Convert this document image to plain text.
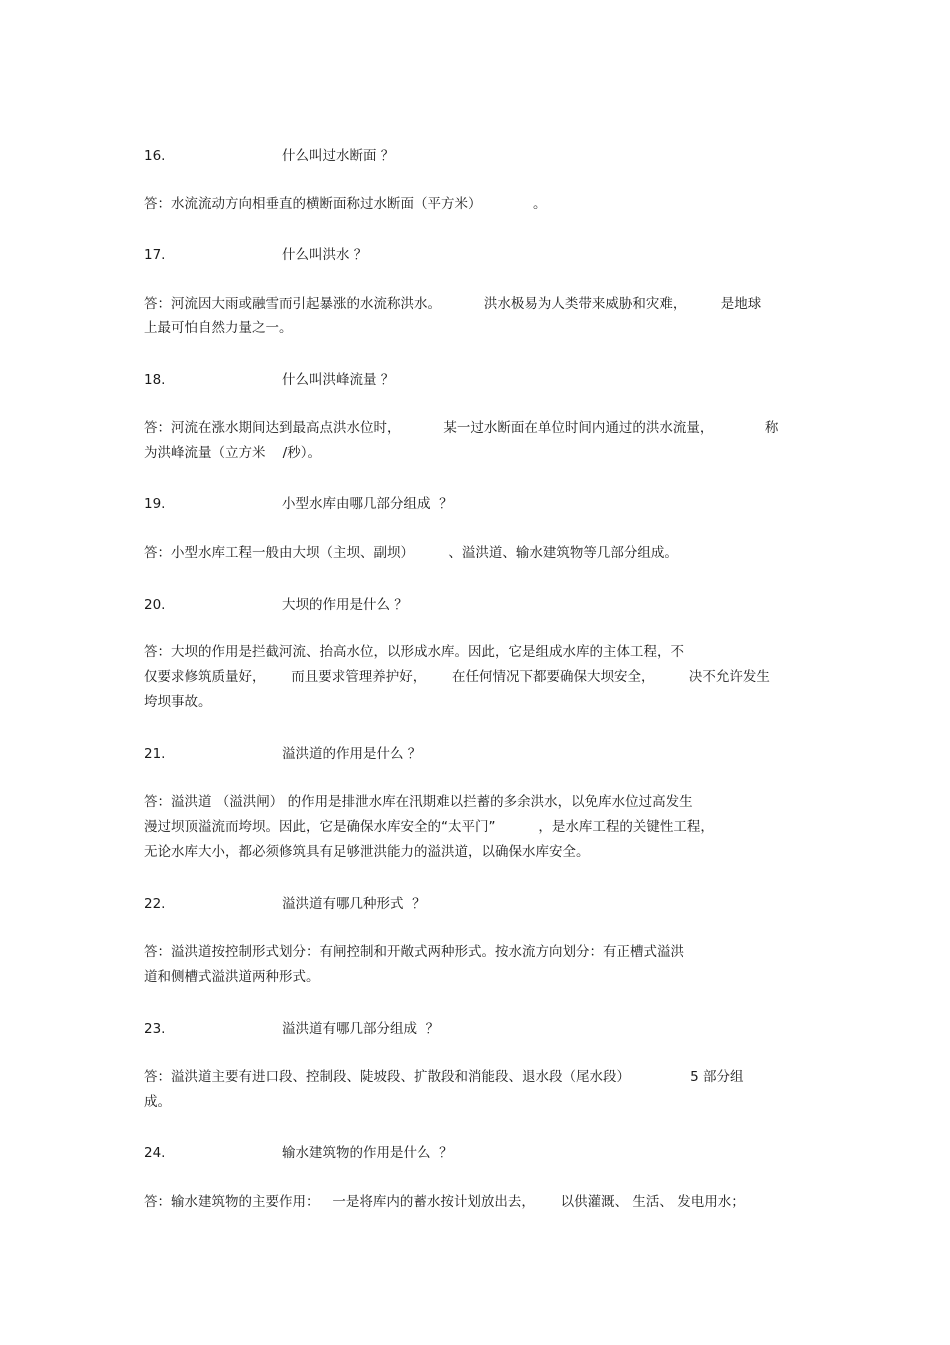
16.	什么叫过水断面 ？
答：水流流动方向相垂直的横断面称过水断面（平方米）            。
17.	什么叫洪水 ？
答：河流因大雨或融雪而引起暴涨的水流称洪水。          洪水极易为人类带来威胁和灾难，        是地球
上最可怕自然力量之一。
18.	什么叫洪峰流量 ？
答：河流在涨水期间达到最高点洪水位时，          某一过水断面在单位时间内通过的洪水流量，            称
为洪峰流量（立方米    /秒）。
19.	小型水库由哪几部分组成  ？
答：小型水库工程一般由大坝（主坝、副坝）        、溢洪道、输水建筑物等几部分组成。
20.	大坝的作用是什么 ？
答：大坝的作用是拦截河流、抬高水位，以形成水库。因此，它是组成水库的主体工程，不
仅要求修筑质量好，      而且要求管理养护好，      在任何情况下都要确保大坝安全，        决不允许发生
垮坝事故。
21.	溢洪道的作用是什么 ？
答：溢洪道 （溢洪闸） 的作用是排泄水库在汛期难以拦蓄的多余洪水，以免库水位过高发生
漫过坝顶溢流而垮坝。因此，它是确保水库安全的“太平门”          ，是水库工程的关键性工程，
无论水库大小，都必须修筑具有足够泄洪能力的溢洪道，以确保水库安全。
22.	溢洪道有哪几种形式  ？
答：溢洪道按控制形式划分：有闸控制和开敞式两种形式。按水流方向划分：有正槽式溢洪
道和侧槽式溢洪道两种形式。
23.	溢洪道有哪几部分组成  ？
答：溢洪道主要有进口段、控制段、陡坡段、扩散段和消能段、退水段（尾水段）              5 部分组
成。
24.	输水建筑物的作用是什么  ？
答：输水建筑物的主要作用：   一是将库内的蓄水按计划放出去，      以供灌溉、 生活、 发电用水；
